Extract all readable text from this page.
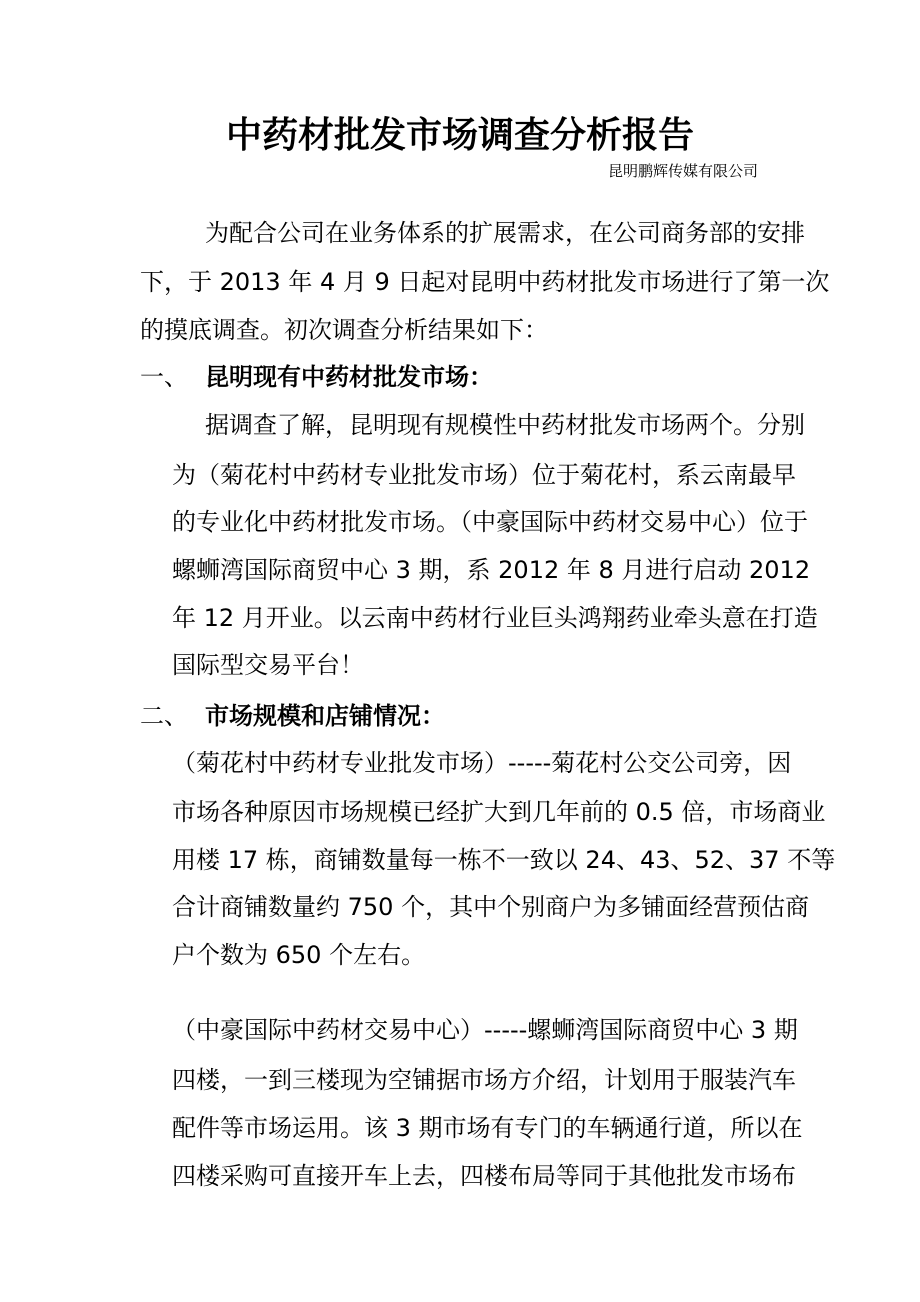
中药材批发市场调查分析报告
昆明鹏辉传媒有限公司
为配合公司在业务体系的扩展需求，在公司商务部的安排
下，于 2013 年 4 月 9 日起对昆明中药材批发市场进行了第一次
的摸底调查。初次调查分析结果如下：
一、 昆明现有中药材批发市场：
据调查了解，昆明现有规模性中药材批发市场两个。分别
为（菊花村中药材专业批发市场）位于菊花村，系云南最早
的专业化中药材批发市场。（中豪国际中药材交易中心）位于
螺蛳湾国际商贸中心 3 期，系 2012 年 8 月进行启动 2012
年 12 月开业。以云南中药材行业巨头鸿翔药业牵头意在打造
国际型交易平台！
二、 市场规模和店铺情况：
（菊花村中药材专业批发市场）-----菊花村公交公司旁，因
市场各种原因市场规模已经扩大到几年前的 0.5 倍，市场商业
用楼 17 栋，商铺数量每一栋不一致以 24、43、52、37 不等
合计商铺数量约 750 个，其中个别商户为多铺面经营预估商
户个数为 650 个左右。
（中豪国际中药材交易中心）-----螺蛳湾国际商贸中心 3 期
四楼，一到三楼现为空铺据市场方介绍，计划用于服装汽车
配件等市场运用。该 3 期市场有专门的车辆通行道，所以在
四楼采购可直接开车上去，四楼布局等同于其他批发市场布
